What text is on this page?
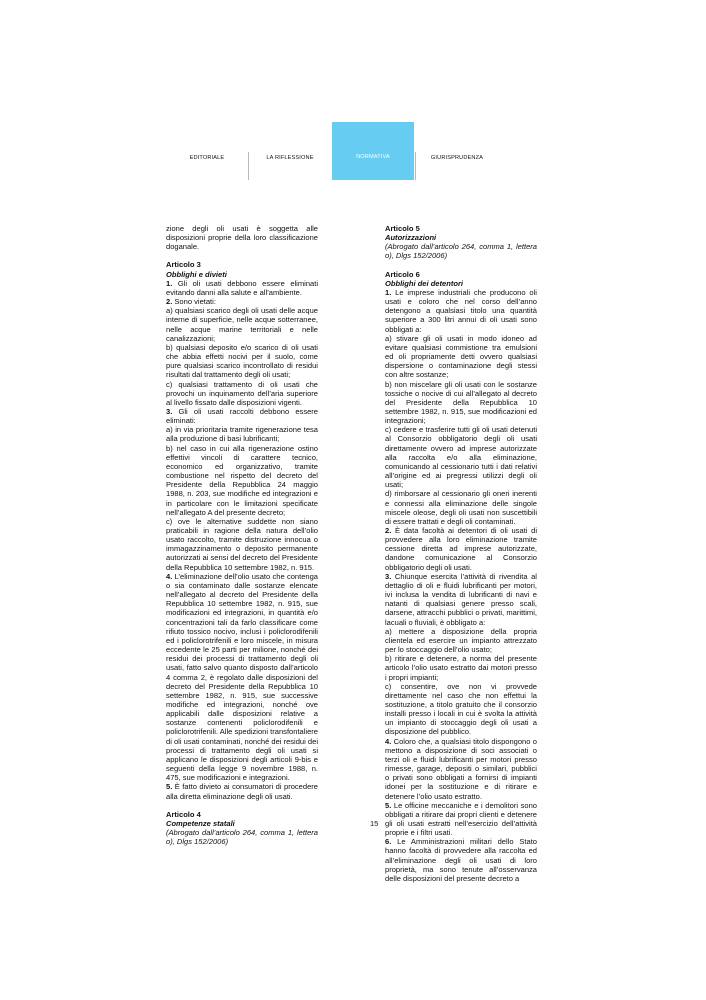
EDITORIALE	LA RIFLESSIONE	NORMATIVA	GIURISPRUDENZA

zione degli oli usati è soggetta alle disposizioni proprie della loro classificazione doganale.

Articolo 3

Obblighi e divieti

1. Gli oli usati debbono essere eliminati evitando danni alla salute e all’ambiente.

2. Sono vietati:

a) qualsiasi scarico degli oli usati delle acque interne di superficie, nelle acque sotterranee, nelle acque marine territoriali e nelle canalizzazioni;

b) qualsiasi deposito e/o scarico di oli usati che abbia effetti nocivi per il suolo, come pure qualsiasi scarico incontrollato di residui risultati dal trattamento degli oli usati;

c) qualsiasi trattamento di oli usati che provochi un inquinamento dell’aria superiore al livello fissato dalle disposizioni vigenti.

3. Gli oli usati raccolti debbono essere eliminati:

a) in via prioritaria tramite rigenerazione tesa alla produzione di basi lubrificanti;

b) nel caso in cui alla rigenerazione ostino effettivi vincoli di carattere tecnico, economico ed organizzativo, tramite combustione nel rispetto del decreto del Presidente della Repubblica 24 maggio 1988, n. 203, sue modifiche ed integrazioni e in particolare con le limitazioni specificate nell’allegato A del presente decreto;

c) ove le alternative suddette non siano praticabili in ragione della natura dell’olio usato raccolto, tramite distruzione innocua o immagazzinamento o deposito permanente autorizzati ai sensi del decreto del Presidente della Repubblica 10 settembre 1982, n. 915.

4. L’eliminazione dell’olio usato che contenga o sia contaminato dalle sostanze elencate nell’allegato al decreto del Presidente della Repubblica 10 settembre 1982, n. 915, sue modificazioni ed integrazioni, in quantità e/o concentrazioni tali da farlo classificare come rifiuto tossico nocivo, inclusi i policlorodifenili ed i policlorotrifenili e loro miscele, in misura eccedente le 25 parti per milione, nonché dei residui dei processi di trattamento degli oli usati, fatto salvo quanto disposto dall’articolo 4 comma 2, è regolato dalle disposizioni del decreto del Presidente della Repubblica 10 settembre 1982, n. 915, sue successive modifiche ed integrazioni, nonché ove applicabili dalle disposizioni relative a sostanze contenenti policlorodifenili e policlorotrifenili. Alle spedizioni transfontaliere di oli usati contaminati, nonché dei residui dei processi di trattamento degli oli usati si applicano le disposizioni degli articoli 9-bis e seguenti della legge 9 novembre 1988, n. 475, sue modificazioni e integrazioni.

5. È fatto divieto ai consumatori di procedere alla diretta eliminazione degli oli usati.

Articolo 4

Competenze statali

(Abrogato dall’articolo 264, comma 1, lettera o), Dlgs 152/2006)

Articolo 5

Autorizzazioni

(Abrogato dall’articolo 264, comma 1, lettera o), Dlgs 152/2006)

Articolo 6

Obblighi dei detentori

1. Le imprese industriali che producono oli usati e coloro che nel corso dell’anno detengono a qualsiasi titolo una quantità superiore a 300 litri annui di oli usati sono obbligati a:

a) stivare gli oli usati in modo idoneo ad evitare qualsiasi commistione tra emulsioni ed oli propriamente detti ovvero qualsiasi dispersione o contaminazione degli stessi con altre sostanze;

b) non miscelare gli oli usati con le sostanze tossiche o nocive di cui all’allegato al decreto del Presidente della Repubblica 10 settembre 1982, n. 915, sue modificazioni ed integrazioni;

c) cedere e trasferire tutti gli oli usati detenuti al Consorzio obbligatorio degli oli usati direttamente ovvero ad imprese autorizzate alla raccolta e/o alla eliminazione, comunicando al cessionario tutti i dati relativi all’origine ed ai pregressi utilizzi degli oli usati;

d) rimborsare al cessionario gli oneri inerenti e connessi alla eliminazione delle singole miscele oleose, degli oli usati non suscettibili di essere trattati e degli oli contaminati.

2. È data facoltà ai detentori di oli usati di provvedere alla loro eliminazione tramite cessione diretta ad imprese autorizzate, dandone comunicazione al Consorzio obbligatorio degli oli usati.

3. Chiunque esercita l’attività di rivendita al dettaglio di oli e fluidi lubrificanti per motori, ivi inclusa la vendita di lubrificanti di navi e natanti di qualsiasi genere presso scali, darsene, attracchi pubblici o privati, marittimi, lacuali o fluviali, è obbligato a:

a) mettere a disposizione della propria clientela ed esercire un impianto attrezzato per lo stoccaggio dell’olio usato;

b) ritirare e detenere, a norma del presente articolo l’olio usato estratto dai motori presso i propri impianti;

c) consentire, ove non vi provvede direttamente nel caso che non effettui la sostituzione, a titolo gratuito che il consorzio installi presso i locali in cui è svolta la attività un impianto di stoccaggio degli oli usati a disposizione del pubblico.

4. Coloro che, a qualsiasi titolo dispongono o mettono a disposizione di soci associati o terzi oli e fluidi lubrificanti per motori presso rimesse, garage, depositi o similari, pubblici o privati sono obbligati a fornirsi di impianti idonei per la sostituzione e di ritirare e detenere l’olio usato estratto.

5. Le officine meccaniche e i demolitori sono obbligati a ritirare dai propri clienti e detenere gli oli usati estratti nell’esercizio dell’attività proprie e i filtri usati.

6. Le Amministrazioni militari dello Stato hanno facoltà di provvedere alla raccolta ed all’eliminazione degli oli usati di loro proprietà, ma sono tenute all’osservanza delle disposizioni del presente decreto a

15
